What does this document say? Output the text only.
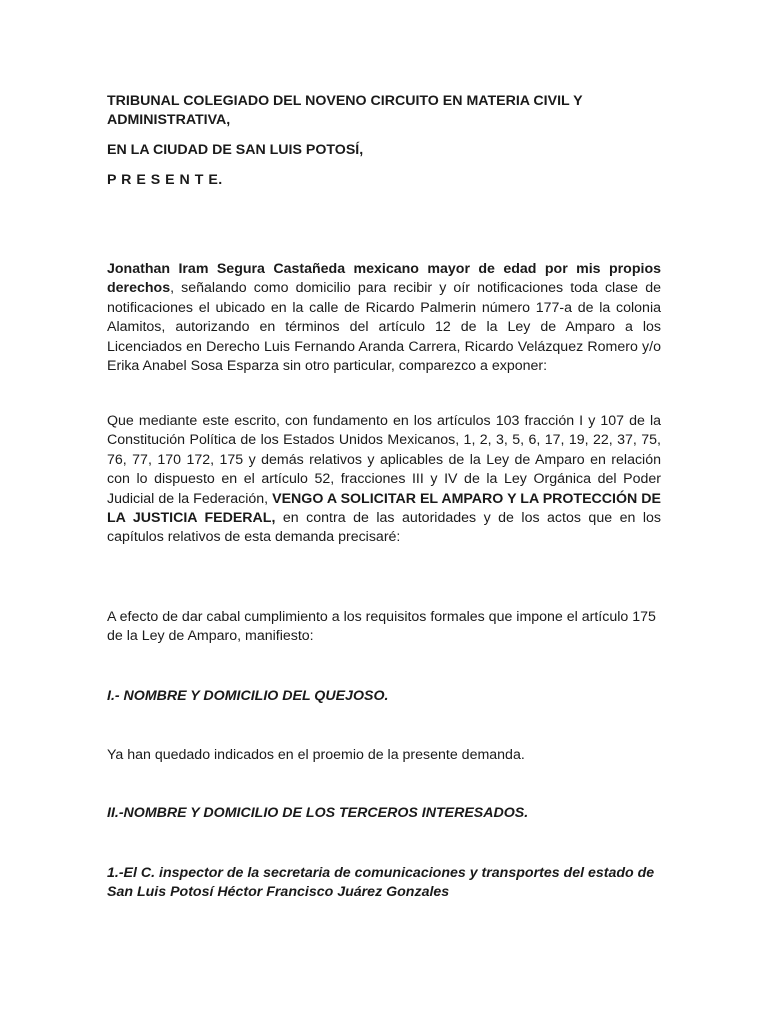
TRIBUNAL COLEGIADO DEL NOVENO CIRCUITO EN MATERIA CIVIL Y ADMINISTRATIVA,

EN LA CIUDAD DE SAN LUIS POTOSÍ,

P R E S E N T E.

Jonathan Iram Segura Castañeda mexicano mayor de edad por mis propios derechos, señalando como domicilio para recibir y oír notificaciones toda clase de notificaciones el ubicado en la calle de Ricardo Palmerin número 177-a de la colonia Alamitos, autorizando en términos del artículo 12 de la Ley de Amparo a los Licenciados en Derecho Luis Fernando Aranda Carrera, Ricardo Velázquez Romero y/o Erika Anabel Sosa Esparza sin otro particular, comparezco a exponer:

Que mediante este escrito, con fundamento en los artículos 103 fracción I y 107 de la Constitución Política de los Estados Unidos Mexicanos, 1, 2, 3, 5, 6, 17, 19, 22, 37, 75, 76, 77, 170 172, 175 y demás relativos y aplicables de la Ley de Amparo en relación con lo dispuesto en el artículo 52, fracciones III y IV de la Ley Orgánica del Poder Judicial de la Federación, VENGO A SOLICITAR EL AMPARO Y LA PROTECCIÓN DE LA JUSTICIA FEDERAL, en contra de las autoridades y de los actos que en los capítulos relativos de esta demanda precisaré:

A efecto de dar cabal cumplimiento a los requisitos formales que impone el artículo 175 de la Ley de Amparo, manifiesto:

I.- NOMBRE Y DOMICILIO DEL QUEJOSO.

Ya han quedado indicados en el proemio de la presente demanda.

II.-NOMBRE Y DOMICILIO DE LOS TERCEROS INTERESADOS.

1.-El C. inspector de la secretaria de comunicaciones y transportes del estado de San Luis Potosí Héctor Francisco Juárez Gonzales
